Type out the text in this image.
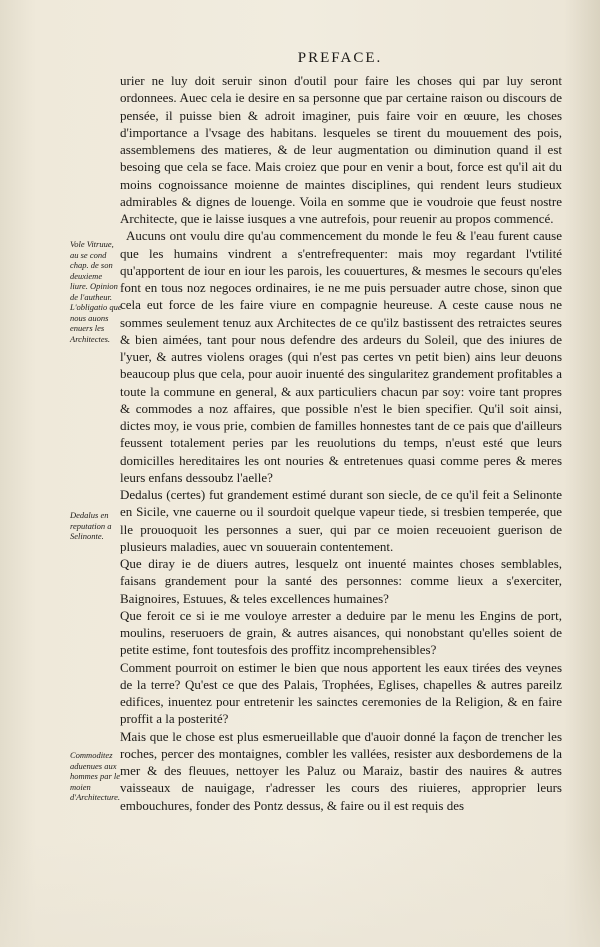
PREFACE.
Vole Vitruue, au se cond chap. de son deuxieme liure. Opinion de l'autheur. L'obligatio que nous auons enuers les Architectes.
Dedalus en reputation a Selinonte.
Commoditez aduenues aux hommes par le moien d'Architecture.

urier ne luy doit seruir sinon d'outil pour faire les choses qui par luy seront ordonnees. Auec cela ie desire en sa personne que par certaine raison ou discours de pensée, il puisse bien & adroit imaginer, puis faire voir en œuure, les choses d'importance a l'vsage des habitans. lesqueles se tirent du mouuement des pois, assemblemens des matieres, & de leur augmentation ou diminution quand il est besoing que cela se face. Mais croiez que pour en venir a bout, force est qu'il ait du moins cognoissance moienne de maintes disciplines, qui rendent leurs studieux admirables & dignes de louenge. Voila en somme que ie voudroie que feust nostre Architecte, que ie laisse iusques a vne autrefois, pour reuenir au propos commencé.

Aucuns ont voulu dire qu'au commencement du monde le feu & l'eau furent cause que les humains vindrent a s'entrefrequenter: mais moy regardant l'vtilité qu'apportent de iour en iour les parois, les couuertures, & mesmes le secours qu'eles font en tous noz negoces ordinaires, ie ne me puis persuader autre chose, sinon que cela eut force de les faire viure en compagnie heureuse. A ceste cause nous ne sommes seulement tenuz aux Architectes de ce qu'ilz bastissent des retraictes seures & bien aimées, tant pour nous defendre des ardeurs du Soleil, que des iniures de l'yuer, & autres violens orages (qui n'est pas certes vn petit bien) ains leur deuons beaucoup plus que cela, pour auoir inuenté des singularitez grandement profitables a toute la commune en general, & aux particuliers chacun par soy: voire tant propres & commodes a noz affaires, que possible n'est le bien specifier. Qu'il soit ainsi, dictes moy, ie vous prie, combien de familles honnestes tant de ce pais que d'ailleurs feussent totalement peries par les reuolutions du temps, n'eust esté que leurs domicilles hereditaires les ont nouries & entretenues quasi comme peres & meres leurs enfans dessoubz l'aelle?

Dedalus (certes) fut grandement estimé durant son siecle, de ce qu'il feit a Selinonte en Sicile, vne cauerne ou il sourdoit quelque vapeur tiede, si tresbien temperée, que lle prouoquoit les personnes a suer, qui par ce moien receuoient guerison de plusieurs maladies, auec vn souuerain contentement.

Que diray ie de diuers autres, lesquelz ont inuenté maintes choses semblables, faisans grandement pour la santé des personnes: comme lieux a s'exerciter, Baignoires, Estuues, & teles excellences humaines?

Que feroit ce si ie me vouloye arrester a deduire par le menu les Engins de port, moulins, reseruoers de grain, & autres aisances, qui nonobstant qu'elles soient de petite estime, font toutesfois des proffitz incomprehensibles?

Comment pourroit on estimer le bien que nous apportent les eaux tirées des veynes de la terre? Qu'est ce que des Palais, Trophées, Eglises, chapelles & autres pareilz edifices, inuentez pour entretenir les sainctes ceremonies de la Religion, & en faire proffit a la posterité?

Mais que le chose est plus esmerueillable que d'auoir donné la façon de trencher les roches, percer des montaignes, combler les vallées, resister aux desbordemens de la mer & des fleuues, nettoyer les Paluz ou Maraiz, bastir des nauires & autres vaisseaux de nauigage, r'adresser les cours des riuieres, approprier leurs embouchures, fonder des Pontz dessus, & faire ou il est requis des
